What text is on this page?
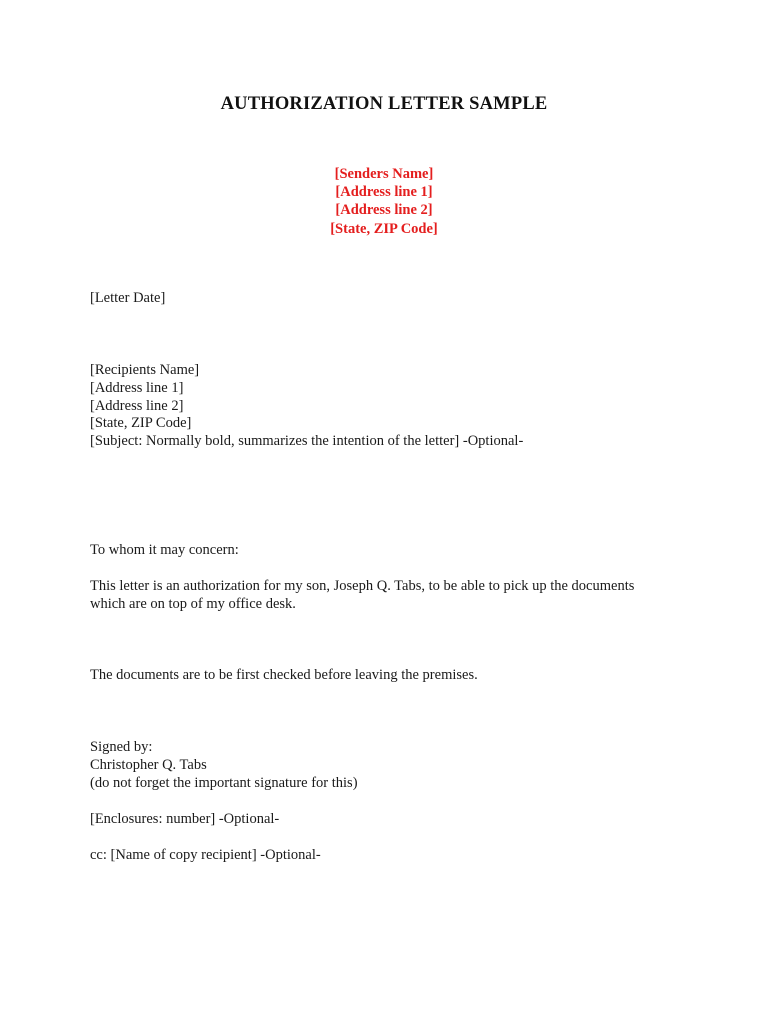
AUTHORIZATION LETTER SAMPLE
[Senders Name]
[Address line 1]
[Address line 2]
[State, ZIP Code]
[Letter Date]
[Recipients Name]
[Address line 1]
[Address line 2]
[State, ZIP Code]
[Subject: Normally bold, summarizes the intention of the letter] -Optional-
To whom it may concern:
This letter is an authorization for my son, Joseph Q. Tabs, to be able to pick up the documents
which are on top of my office desk.
The documents are to be first checked before leaving the premises.
Signed by:
Christopher Q. Tabs
(do not forget the important signature for this)
[Enclosures: number] -Optional-
cc: [Name of copy recipient] -Optional-
